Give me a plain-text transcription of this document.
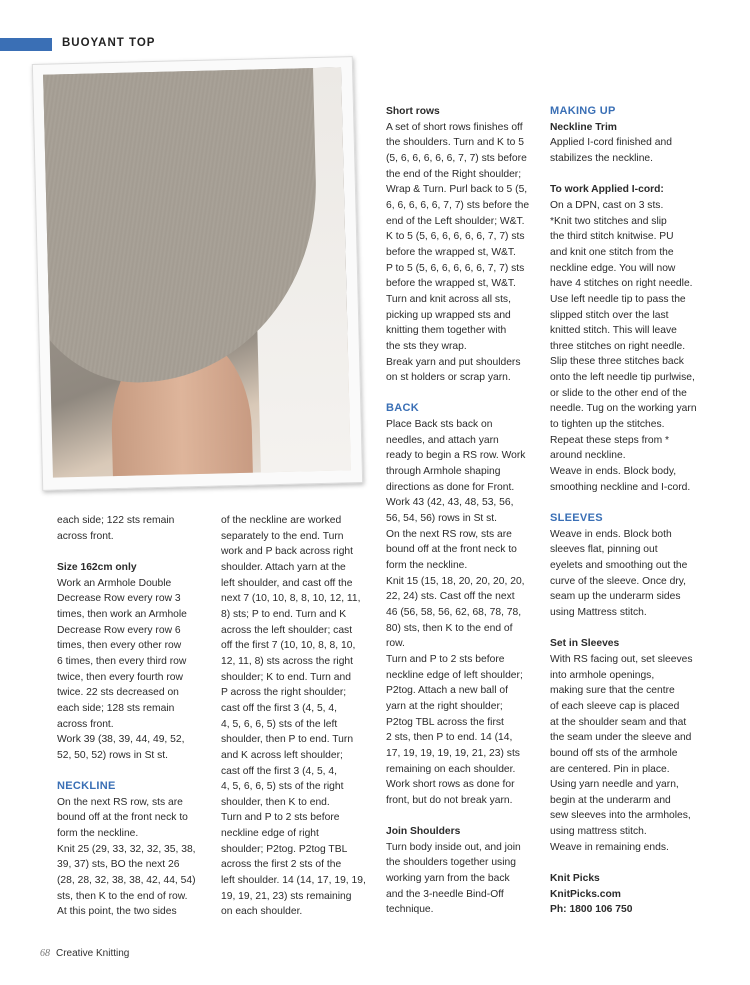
BUOYANT TOP

each side; 122 sts remain
across front.

Size 162cm only

Work an Armhole Double
Decrease Row every row 3
times, then work an Armhole
Decrease Row every row 6
times, then every other row
6 times, then every third row
twice, then every fourth row
twice. 22 sts decreased on
each side; 128 sts remain
across front.
Work 39 (38, 39, 44, 49, 52,
52, 50, 52) rows in St st.

NECKLINE

On the next RS row, sts are
bound off at the front neck to
form the neckline.
Knit 25 (29, 33, 32, 32, 35, 38,
39, 37) sts, BO the next 26
(28, 28, 32, 38, 38, 42, 44, 54)
sts, then K to the end of row.
At this point, the two sides

of the neckline are worked
separately to the end. Turn
work and P back across right
shoulder. Attach yarn at the
left shoulder, and cast off the
next 7 (10, 10, 8, 8, 10, 12, 11,
8) sts; P to end. Turn and K
across the left shoulder; cast
off the first 7 (10, 10, 8, 8, 10,
12, 11, 8) sts across the right
shoulder; K to end. Turn and
P across the right shoulder;
cast off the first 3 (4, 5, 4,
4, 5, 6, 6, 5) sts of the left
shoulder, then P to end. Turn
and K across left shoulder;
cast off the first 3 (4, 5, 4,
4, 5, 6, 6, 5) sts of the right
shoulder, then K to end.
Turn and P to 2 sts before
neckline edge of right
shoulder; P2tog. P2tog TBL
across the first 2 sts of the
left shoulder. 14 (14, 17, 19, 19,
19, 19, 21, 23) sts remaining
on each shoulder.

Short rows

A set of short rows finishes off
the shoulders. Turn and K to 5
(5, 6, 6, 6, 6, 6, 7, 7) sts before
the end of the Right shoulder;
Wrap & Turn. Purl back to 5 (5,
6, 6, 6, 6, 6, 7, 7) sts before the
end of the Left shoulder; W&T.
K to 5 (5, 6, 6, 6, 6, 6, 7, 7) sts
before the wrapped st, W&T.
P to 5 (5, 6, 6, 6, 6, 6, 7, 7) sts
before the wrapped st, W&T.
Turn and knit across all sts,
picking up wrapped sts and
knitting them together with
the sts they wrap.
Break yarn and put shoulders
on st holders or scrap yarn.

BACK

Place Back sts back on
needles, and attach yarn
ready to begin a RS row. Work
through Armhole shaping
directions as done for Front.
Work 43 (42, 43, 48, 53, 56,
56, 54, 56) rows in St st.
On the next RS row, sts are
bound off at the front neck to
form the neckline.
Knit 15 (15, 18, 20, 20, 20, 20,
22, 24) sts. Cast off the next
46 (56, 58, 56, 62, 68, 78, 78,
80) sts, then K to the end of
row.
Turn and P to 2 sts before
neckline edge of left shoulder;
P2tog. Attach a new ball of
yarn at the right shoulder;
P2tog TBL across the first
2 sts, then P to end. 14 (14,
17, 19, 19, 19, 19, 21, 23) sts
remaining on each shoulder.
Work short rows as done for
front, but do not break yarn.

Join Shoulders

Turn body inside out, and join
the shoulders together using
working yarn from the back
and the 3-needle Bind-Off
technique.

MAKING UP

Neckline Trim

Applied I-cord finished and
stabilizes the neckline.

To work Applied I-cord:

On a DPN, cast on 3 sts.
*Knit two stitches and slip
the third stitch knitwise. PU
and knit one stitch from the
neckline edge. You will now
have 4 stitches on right needle.
Use left needle tip to pass the
slipped stitch over the last
knitted stitch. This will leave
three stitches on right needle.
Slip these three stitches back
onto the left needle tip purlwise,
or slide to the other end of the
needle. Tug on the working yarn
to tighten up the stitches.
Repeat these steps from *
around neckline.
Weave in ends. Block body,
smoothing neckline and I-cord.

SLEEVES

Weave in ends. Block both
sleeves flat, pinning out
eyelets and smoothing out the
curve of the sleeve. Once dry,
seam up the underarm sides
using Mattress stitch.

Set in Sleeves

With RS facing out, set sleeves
into armhole openings,
making sure that the centre
of each sleeve cap is placed
at the shoulder seam and that
the seam under the sleeve and
bound off sts of the armhole
are centered. Pin in place.
Using yarn needle and yarn,
begin at the underarm and
sew sleeves into the armholes,
using mattress stitch.
Weave in remaining ends.

Knit Picks

KnitPicks.com

Ph: 1800 106 750

68 Creative Knitting
